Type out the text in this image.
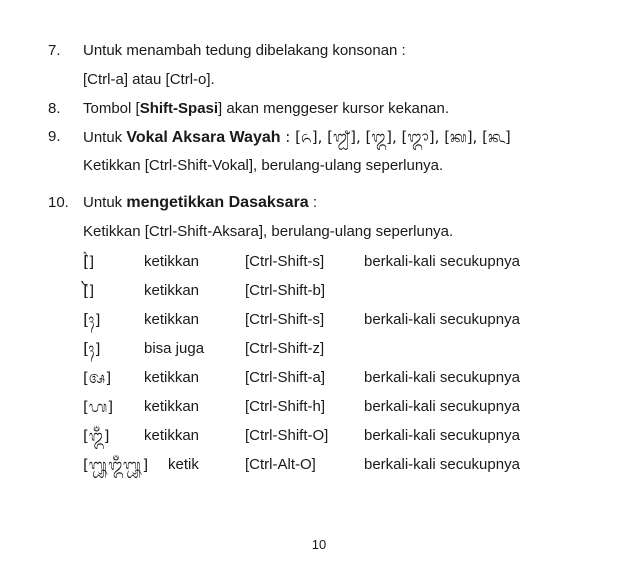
7. Untuk menambah tedung dibelakang konsonan :
[Ctrl-a] atau [Ctrl-o].
8. Tombol [Shift-Spasi] akan menggeser kursor kekanan.
9. Untuk Vokal Aksara Wayah : [ᬏ], [ᬐ], [ᬑ], [ᬒ], [ᬓ], [ᬔ]
Ketikkan [Ctrl-Shift-Vokal], berulang-ulang seperlunya.
10. Untuk mengetikkan Dasaksara :
Ketikkan [Ctrl-Shift-Aksara], berulang-ulang seperlunya.
[ᬂ]	ketikkan	[Ctrl-Shift-s]	berkali-kali secukupnya
[ᬃ]	ketikkan	[Ctrl-Shift-b]
[ᬄ]	ketikkan	[Ctrl-Shift-s]	berkali-kali secukupnya
[ᬄ]	bisa juga	[Ctrl-Shift-z]
[ᬅ] ketikkan	[Ctrl-Shift-a]	berkali-kali secukupnya
[ᬳ] ketikkan	[Ctrl-Shift-h]	berkali-kali secukupnya
[ᬑᬁ] ketikkan	[Ctrl-Shift-O] berkali-kali secukupnya
[᭛ᬑᬁ᭛] ketik	[Ctrl-Alt-O]	berkali-kali secukupnya
10
